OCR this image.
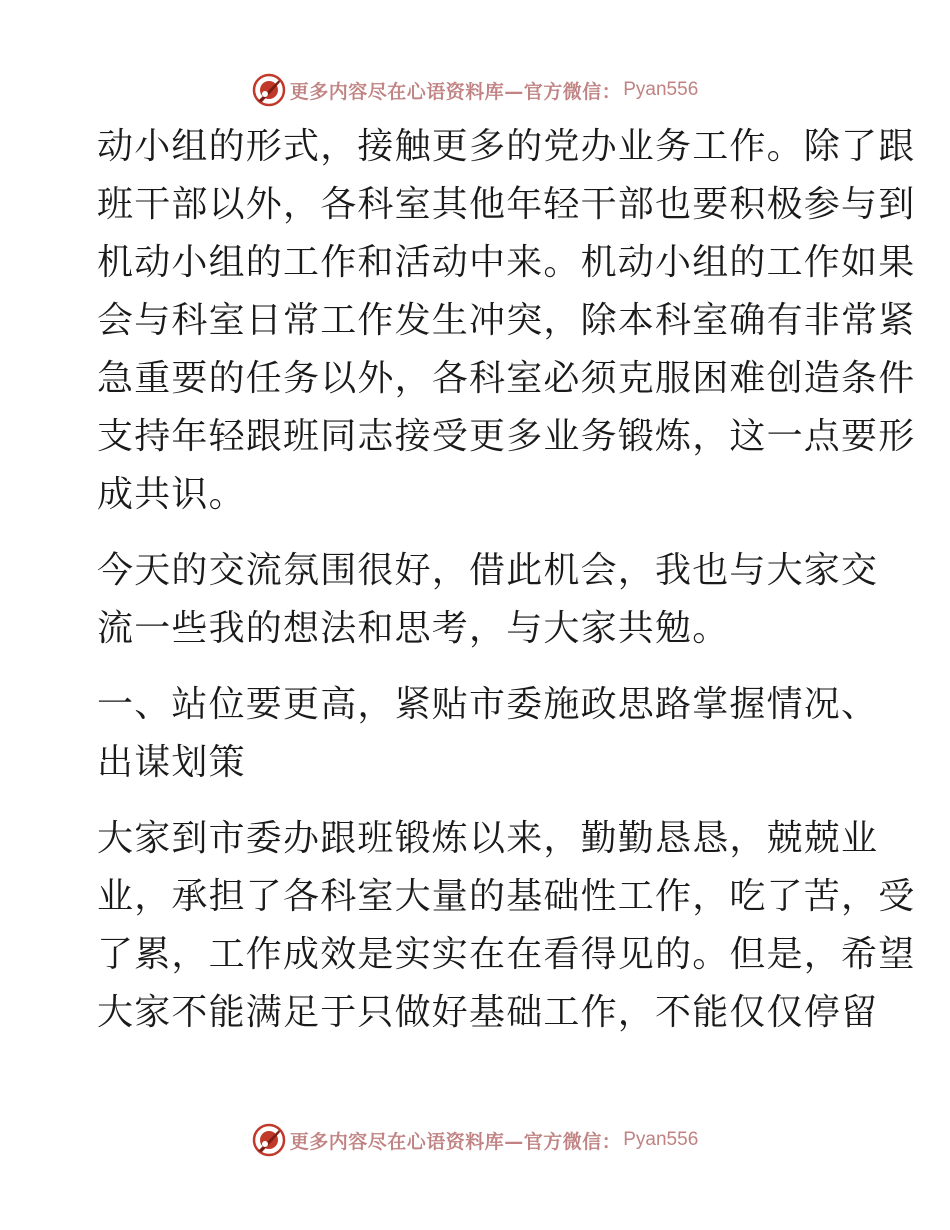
更多内容尽在心语资料库—官方微信： Pyan556

动小组的形式，接触更多的党办业务工作。除了跟
班干部以外，各科室其他年轻干部也要积极参与到
机动小组的工作和活动中来。机动小组的工作如果
会与科室日常工作发生冲突，除本科室确有非常紧
急重要的任务以外，各科室必须克服困难创造条件
支持年轻跟班同志接受更多业务锻炼，这一点要形
成共识。

今天的交流氛围很好，借此机会，我也与大家交
流一些我的想法和思考，与大家共勉。

一、站位要更高，紧贴市委施政思路掌握情况、
出谋划策

大家到市委办跟班锻炼以来，勤勤恳恳，兢兢业
业，承担了各科室大量的基础性工作，吃了苦，受
了累，工作成效是实实在在看得见的。但是，希望
大家不能满足于只做好基础工作，不能仅仅停留

更多内容尽在心语资料库—官方微信： Pyan556
